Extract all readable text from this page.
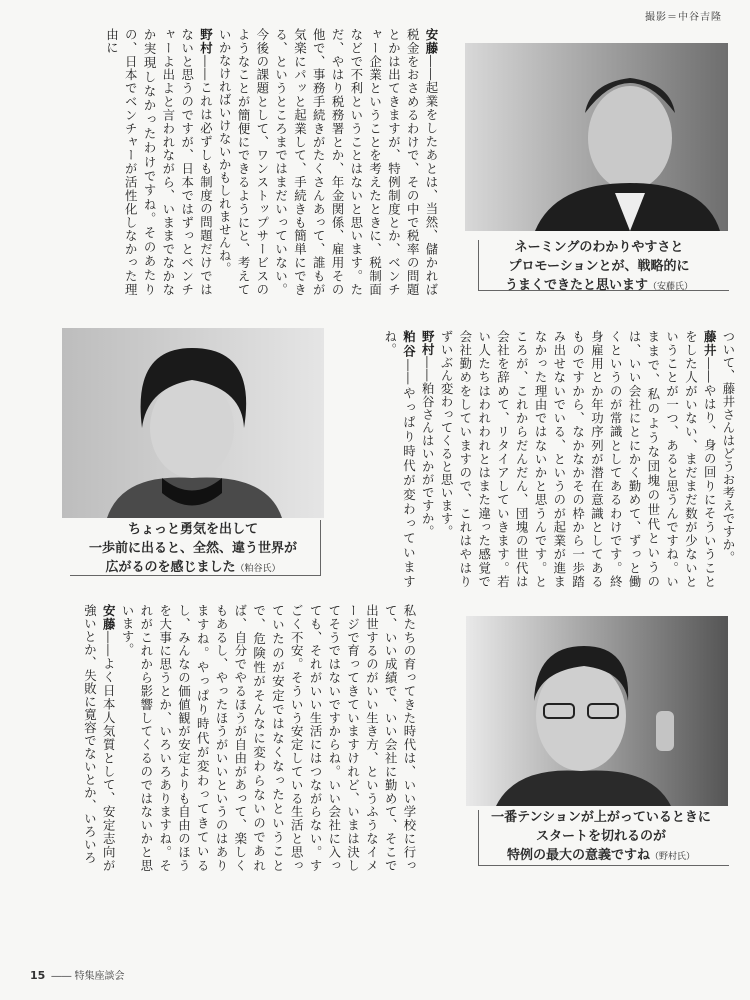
撮影＝中谷吉隆

安藤――起業をしたあとは、当然、儲かれば税金をおさめるわけで、その中で税率の問題とかは出てきますが、特例制度とか、ベンチャー企業ということを考えたときに、税制面などで不利ということはないと思います。ただ、やはり税務署とか、年金関係、雇用その他で、事務手続きがたくさんあって、誰もが気楽にパッと起業して、手続きも簡単にできる、というところまではまだいっていない。今後の課題として、ワンストップサービスのようなことが簡便にできるようにと、考えていかなければいけないかもしれませんね。

野村――これは必ずしも制度の問題だけではないと思うのですが、日本ではずっとベンチャーよ出よと言われながら、いままでなかなか実現しなかったわけですね。そのあたりの、日本でベンチャーが活性化しなかった理由に

ついて、藤井さんはどうお考えですか。

藤井――やはり、身の回りにそういうことをした人がいない、まだまだ数が少ないということが一つ、あると思うんですね。いままで、私のような団塊の世代というのは、いい会社にとにかく勤めて、ずっと働くというのが常識としてあるわけです。終身雇用とか年功序列が潜在意識としてあるものですから、なかなかその枠から一歩踏み出せないでいる、というのが起業が進まなかった理由ではないかと思うんです。ところが、これからだんだん、団塊の世代は会社を辞めて、リタイアしていきます。若い人たちはわれわれとはまた違った感覚で会社勤めをしていますので、これはやはりずいぶん変わってくると思います。

野村――粕谷さんはいかがですか。

粕谷――やっぱり時代が変わっていますね。

私たちの育ってきた時代は、いい学校に行って、いい成績で、いい会社に勤めて、そこで出世するのがいい生き方、というふうなイメージで育ってきていますけれど、いまは決してそうではないですからね。いい会社に入っても、それがいい生活にはつながらない。すごく不安。そういう安定している生活と思っていたのが安定ではなくなったということで、危険性がそんなに変わらないのであれば、自分でやるほうが自由があって、楽しくもあるし、やったほうがいいというのはありますね。やっぱり時代が変わってきているし、みんなの価値観が安定よりも自由のほうを大事に思うとか、いろいろありますね。それがこれから影響してくるのではないかと思います。

安藤――よく日本人気質として、安定志向が強いとか、失敗に寛容でないとか、いろいろ

ネーミングのわかりやすさと
プロモーションとが、戦略的に
うまくできたと思います（安藤氏）
ちょっと勇気を出して
一歩前に出ると、全然、違う世界が
広がるのを感じました（粕谷氏）
一番テンションが上がっているときに
スタートを切れるのが
特例の最大の意義ですね（野村氏）
15 ―― 特集座談会
